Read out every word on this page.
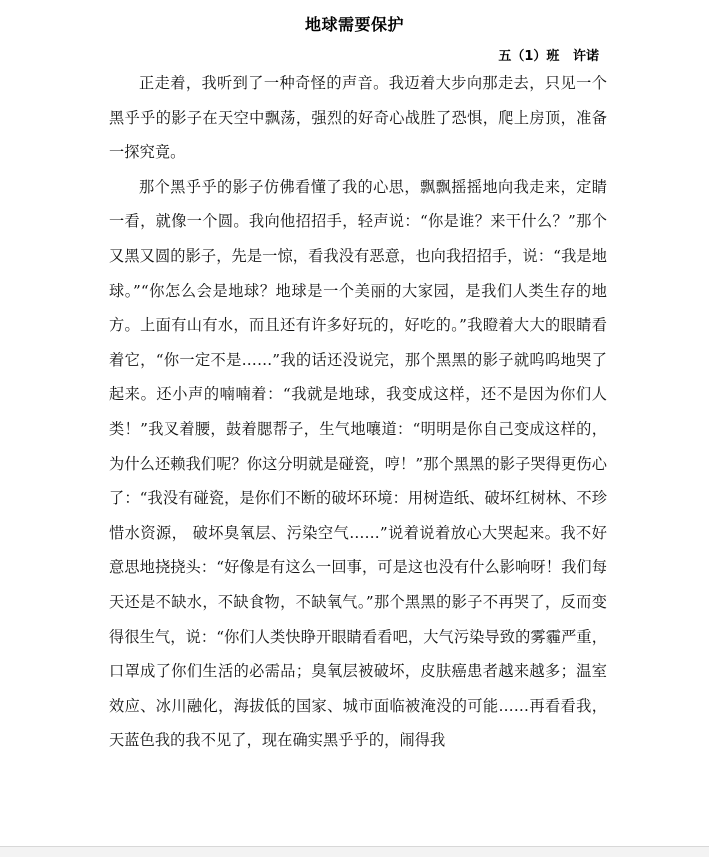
地球需要保护
五（1）班   许诺

正走着，我听到了一种奇怪的声音。我迈着大步向那走去，只见一个黑乎乎的影子在天空中飘荡，强烈的好奇心战胜了恐惧，爬上房顶，准备一探究竟。

那个黑乎乎的影子仿佛看懂了我的心思，飘飘摇摇地向我走来，定睛一看，就像一个圆。我向他招招手，轻声说：“你是谁？来干什么？”那个又黑又圆的影子，先是一惊，看我没有恶意，也向我招招手，说：“我是地球。”“你怎么会是地球？地球是一个美丽的大家园，是我们人类生存的地方。上面有山有水，而且还有许多好玩的，好吃的。”我瞪着大大的眼睛看着它，“你一定不是……”我的话还没说完，那个黑黑的影子就呜呜地哭了起来。还小声的喃喃着：“我就是地球，我变成这样，还不是因为你们人类！”我叉着腰，鼓着腮帮子，生气地嚷道：“明明是你自己变成这样的，为什么还赖我们呢？你这分明就是碰瓷，哼！”那个黑黑的影子哭得更伤心了：“我没有碰瓷，是你们不断的破坏环境：用树造纸、破坏红树林、不珍惜水资源， 破坏臭氧层、污染空气……”说着说着放心大哭起来。我不好意思地挠挠头：“好像是有这么一回事，可是这也没有什么影响呀！我们每天还是不缺水，不缺食物，不缺氧气。”那个黑黑的影子不再哭了，反而变得很生气，说：“你们人类快睁开眼睛看看吧，大气污染导致的雾霾严重，口罩成了你们生活的必需品；臭氧层被破坏，皮肤癌患者越来越多；温室效应、冰川融化，海拔低的国家、城市面临被淹没的可能……再看看我，天蓝色我的我不见了，现在确实黑乎乎的，闹得我
